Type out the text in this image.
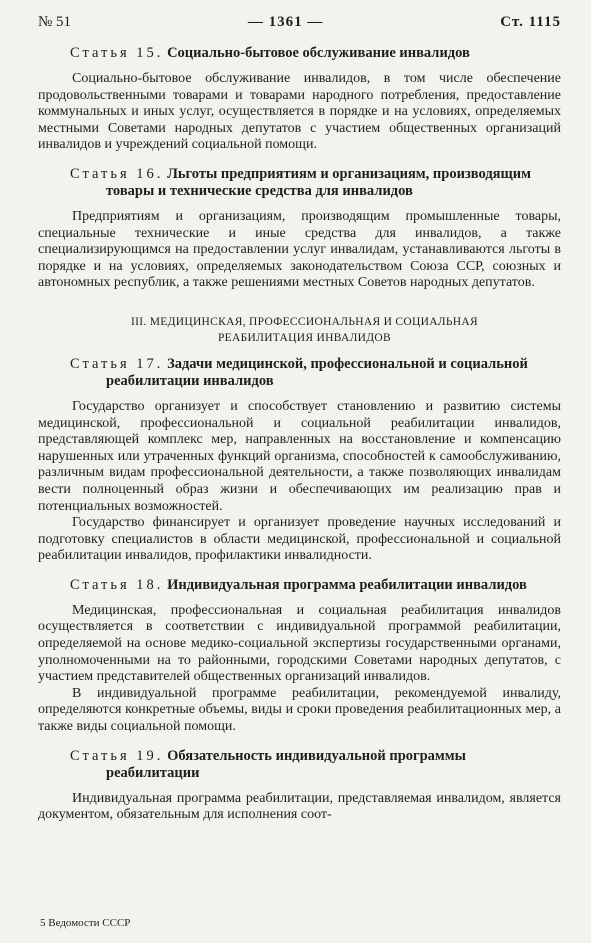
№ 51	— 1361 —	Ст. 1115
Статья 15. Социально-бытовое обслуживание инвалидов

Социально-бытовое обслуживание инвалидов, в том числе обеспечение продовольственными товарами и товарами народного потребления, предоставление коммунальных и иных услуг, осуществляется в порядке и на условиях, определяемых местными Советами народных депутатов с участием общественных организаций инвалидов и учреждений социальной помощи.

Статья 16. Льготы предприятиям и организациям, производящим товары и технические средства для инвалидов

Предприятиям и организациям, производящим промышленные товары, специальные технические и иные средства для инвалидов, а также специализирующимся на предоставлении услуг инвалидам, устанавливаются льготы в порядке и на условиях, определяемых законодательством Союза ССР, союзных и автономных республик, а также решениями местных Советов народных депутатов.

III. МЕДИЦИНСКАЯ, ПРОФЕССИОНАЛЬНАЯ И СОЦИАЛЬНАЯ
РЕАБИЛИТАЦИЯ ИНВАЛИДОВ
Статья 17. Задачи медицинской, профессиональной и социальной реабилитации инвалидов

Государство организует и способствует становлению и развитию системы медицинской, профессиональной и социальной реабилитации инвалидов, представляющей комплекс мер, направленных на восстановление и компенсацию нарушенных или утраченных функций организма, способностей к самообслуживанию, различным видам профессиональной деятельности, а также позволяющих инвалидам вести полноценный образ жизни и обеспечивающих им реализацию прав и потенциальных возможностей.

Государство финансирует и организует проведение научных исследований и подготовку специалистов в области медицинской, профессиональной и социальной реабилитации инвалидов, профилактики инвалидности.

Статья 18. Индивидуальная программа реабилитации инвалидов

Медицинская, профессиональная и социальная реабилитация инвалидов осуществляется в соответствии с индивидуальной программой реабилитации, определяемой на основе медико-социальной экспертизы государственными органами, уполномоченными на то районными, городскими Советами народных депутатов, с участием представителей общественных организаций инвалидов.

В индивидуальной программе реабилитации, рекомендуемой инвалиду, определяются конкретные объемы, виды и сроки проведения реабилитационных мер, а также виды социальной помощи.

Статья 19. Обязательность индивидуальной программы реабилитации

Индивидуальная программа реабилитации, представляемая инвалидом, является документом, обязательным для исполнения соот-

5 Ведомости СССР
